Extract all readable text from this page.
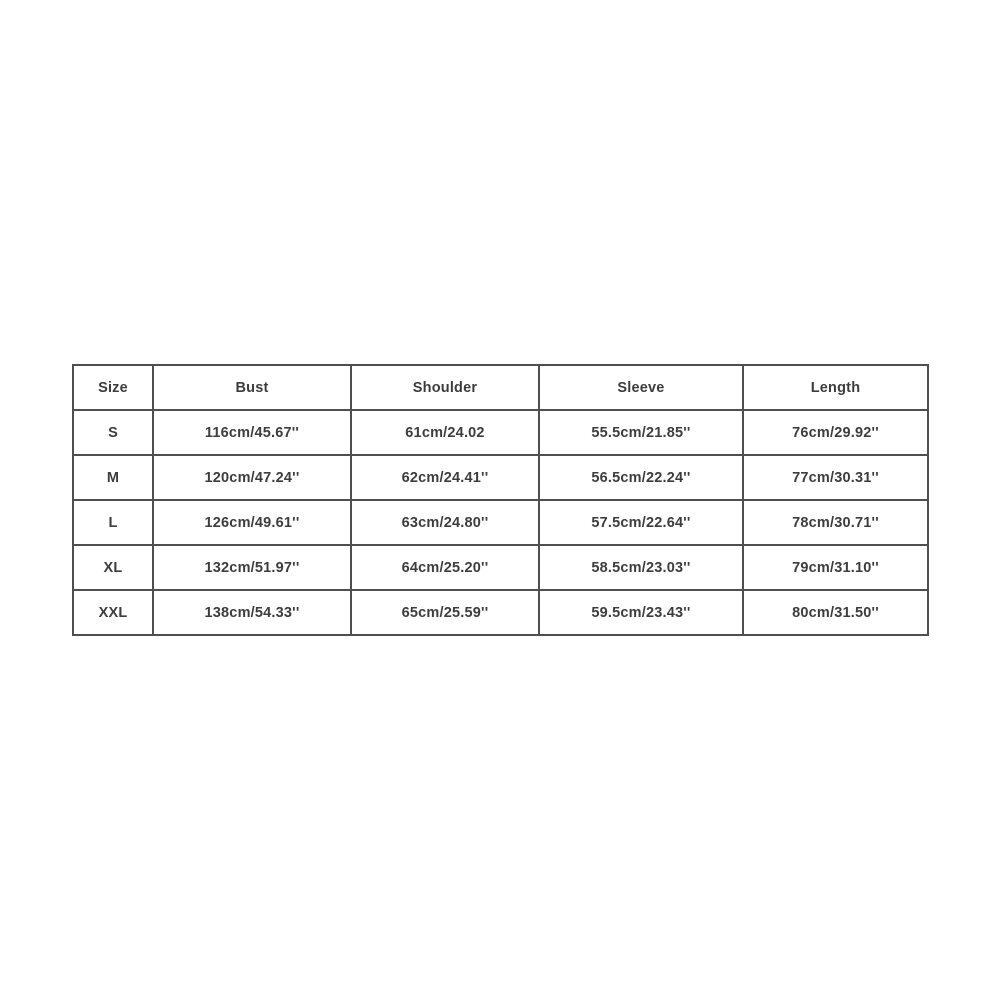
Size	Bust	Shoulder	Sleeve	Length
S	116cm/45.67''	61cm/24.02	55.5cm/21.85''	76cm/29.92''
M	120cm/47.24''	62cm/24.41''	56.5cm/22.24''	77cm/30.31''
L	126cm/49.61''	63cm/24.80''	57.5cm/22.64''	78cm/30.71''
XL	132cm/51.97''	64cm/25.20''	58.5cm/23.03''	79cm/31.10''
XXL	138cm/54.33''	65cm/25.59''	59.5cm/23.43''	80cm/31.50''
